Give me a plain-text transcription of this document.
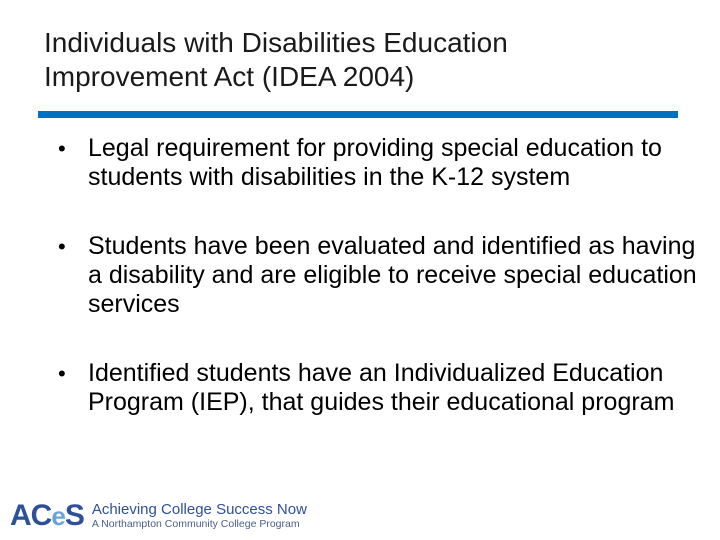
Individuals with Disabilities Education
Improvement Act (IDEA 2004)
• Legal requirement for providing special education to students with disabilities in the K-12 system
• Students have been evaluated and identified as having a disability and are eligible to receive special education services
• Identified students have an Individualized Education Program (IEP), that guides their educational program
AC e S Achieving College Success Now
A Northampton Community College Program
